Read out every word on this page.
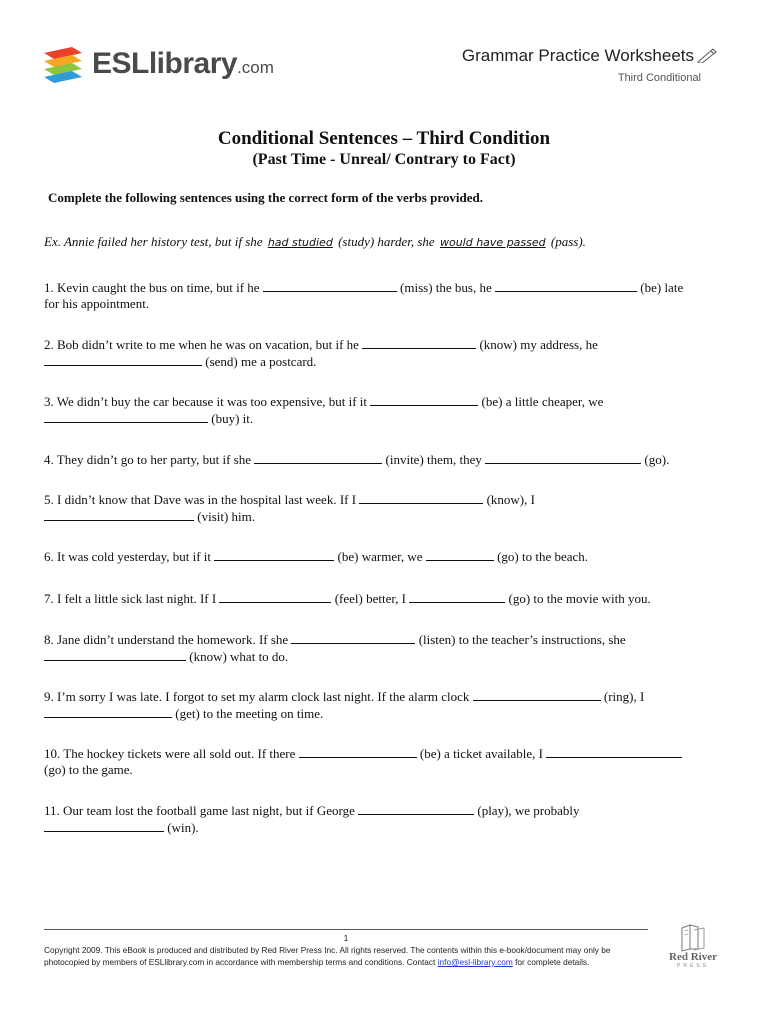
ESLlibrary.com
Grammar Practice Worksheets
Third Conditional
Conditional Sentences – Third Condition
(Past Time - Unreal/ Contrary to Fact)
Complete the following sentences using the correct form of the verbs provided.
Ex. Annie failed her history test, but if she had studied (study) harder, she would have passed (pass).
1. Kevin caught the bus on time, but if he	(miss) the bus, he	(be) late
for his appointment.
2. Bob didn’t write to me when he was on vacation, but if he	(know) my address, he
(send) me a postcard.
3. We didn’t buy the car because it was too expensive, but if it	(be) a little cheaper, we
(buy) it.
4. They didn’t go to her party, but if she	(invite) them, they	(go).
5. I didn’t know that Dave was in the hospital last week. If I	(know), I
(visit) him.
6. It was cold yesterday, but if it	(be) warmer, we	(go) to the beach.
7. I felt a little sick last night. If I	(feel) better, I	(go) to the movie with you.
8. Jane didn’t understand the homework. If she	(listen) to the teacher’s instructions, she
(know) what to do.
9. I’m sorry I was late. I forgot to set my alarm clock last night. If the alarm clock	(ring), I
(get) to the meeting on time.
10. The hockey tickets were all sold out. If there	(be) a ticket available, I
(go) to the game.
11. Our team lost the football game last night, but if George	(play), we probably
(win).
1
Copyright 2009. This eBook is produced and distributed by Red River Press Inc. All rights reserved. The contents within this e-book/document may only be
photocopied by members of ESLlibrary.com in accordance with membership terms and conditions. Contact info@esl-library.com for complete details.	Red River
PRESS
